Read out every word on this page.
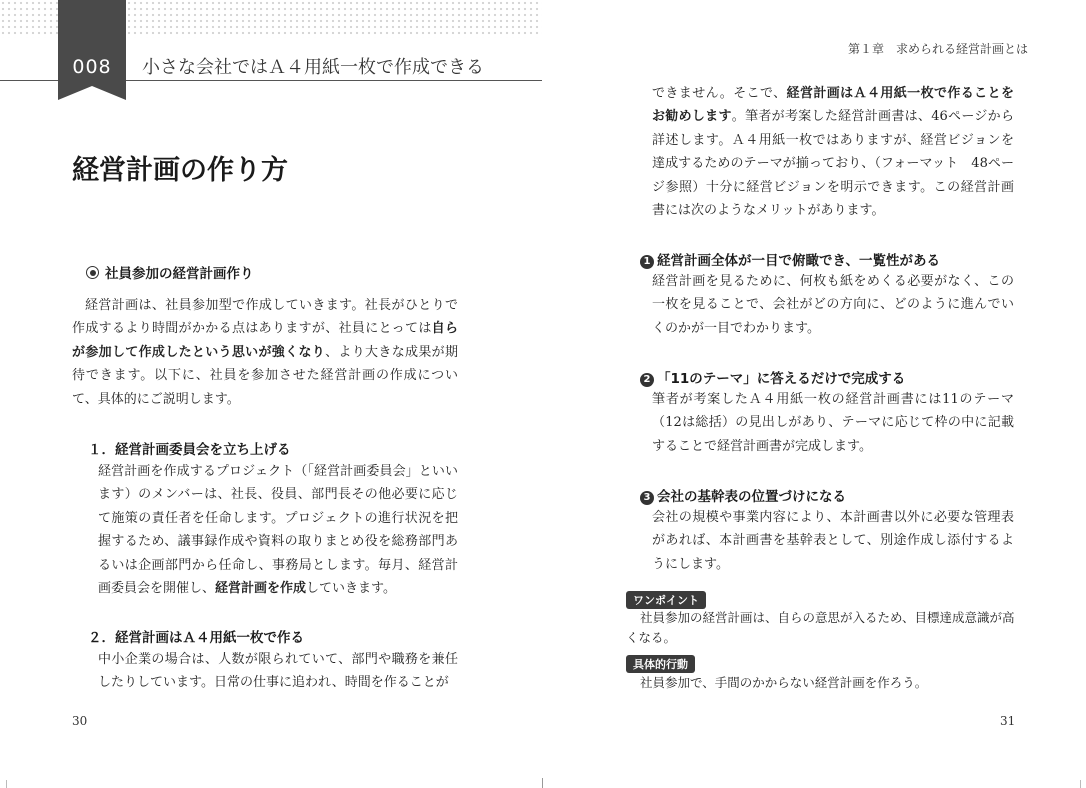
008	小さな会社ではＡ４用紙一枚で作成できる
経営計画の作り方
社員参加の経営計画作り
経営計画は、社員参加型で作成していきます。社長がひとりで作成するより時間がかかる点はありますが、社員にとっては自らが参加して作成したという思いが強くなり、より大きな成果が期待できます。以下に、社員を参加させた経営計画の作成について、具体的にご説明します。
１．経営計画委員会を立ち上げる
経営計画を作成するプロジェクト（「経営計画委員会」といいます）のメンバーは、社長、役員、部門長その他必要に応じて施策の責任者を任命します。プロジェクトの進行状況を把握するため、議事録作成や資料の取りまとめ役を総務部門あるいは企画部門から任命し、事務局とします。毎月、経営計画委員会を開催し、経営計画を作成していきます。
２．経営計画はＡ４用紙一枚で作る
中小企業の場合は、人数が限られていて、部門や職務を兼任したりしています。日常の仕事に追われ、時間を作ることが
30
第１章　求められる経営計画とは
できません。そこで、経営計画はＡ４用紙一枚で作ることをお勧めします。筆者が考案した経営計画書は、46ページから詳述します。Ａ４用紙一枚ではありますが、経営ビジョンを達成するためのテーマが揃っており、（フォーマット　48ページ参照）十分に経営ビジョンを明示できます。この経営計画書には次のようなメリットがあります。
1 経営計画全体が一目で俯瞰でき、一覧性がある
経営計画を見るために、何枚も紙をめくる必要がなく、この一枚を見ることで、会社がどの方向に、どのように進んでいくのかが一目でわかります。
2 「11のテーマ」に答えるだけで完成する
筆者が考案したＡ４用紙一枚の経営計画書には11のテーマ（12は総括）の見出しがあり、テーマに応じて枠の中に記載することで経営計画書が完成します。
3 会社の基幹表の位置づけになる
会社の規模や事業内容により、本計画書以外に必要な管理表があれば、本計画書を基幹表として、別途作成し添付するようにします。
ワンポイント
社員参加の経営計画は、自らの意思が入るため、目標達成意識が高くなる。
具体的行動
社員参加で、手間のかからない経営計画を作ろう。
31
